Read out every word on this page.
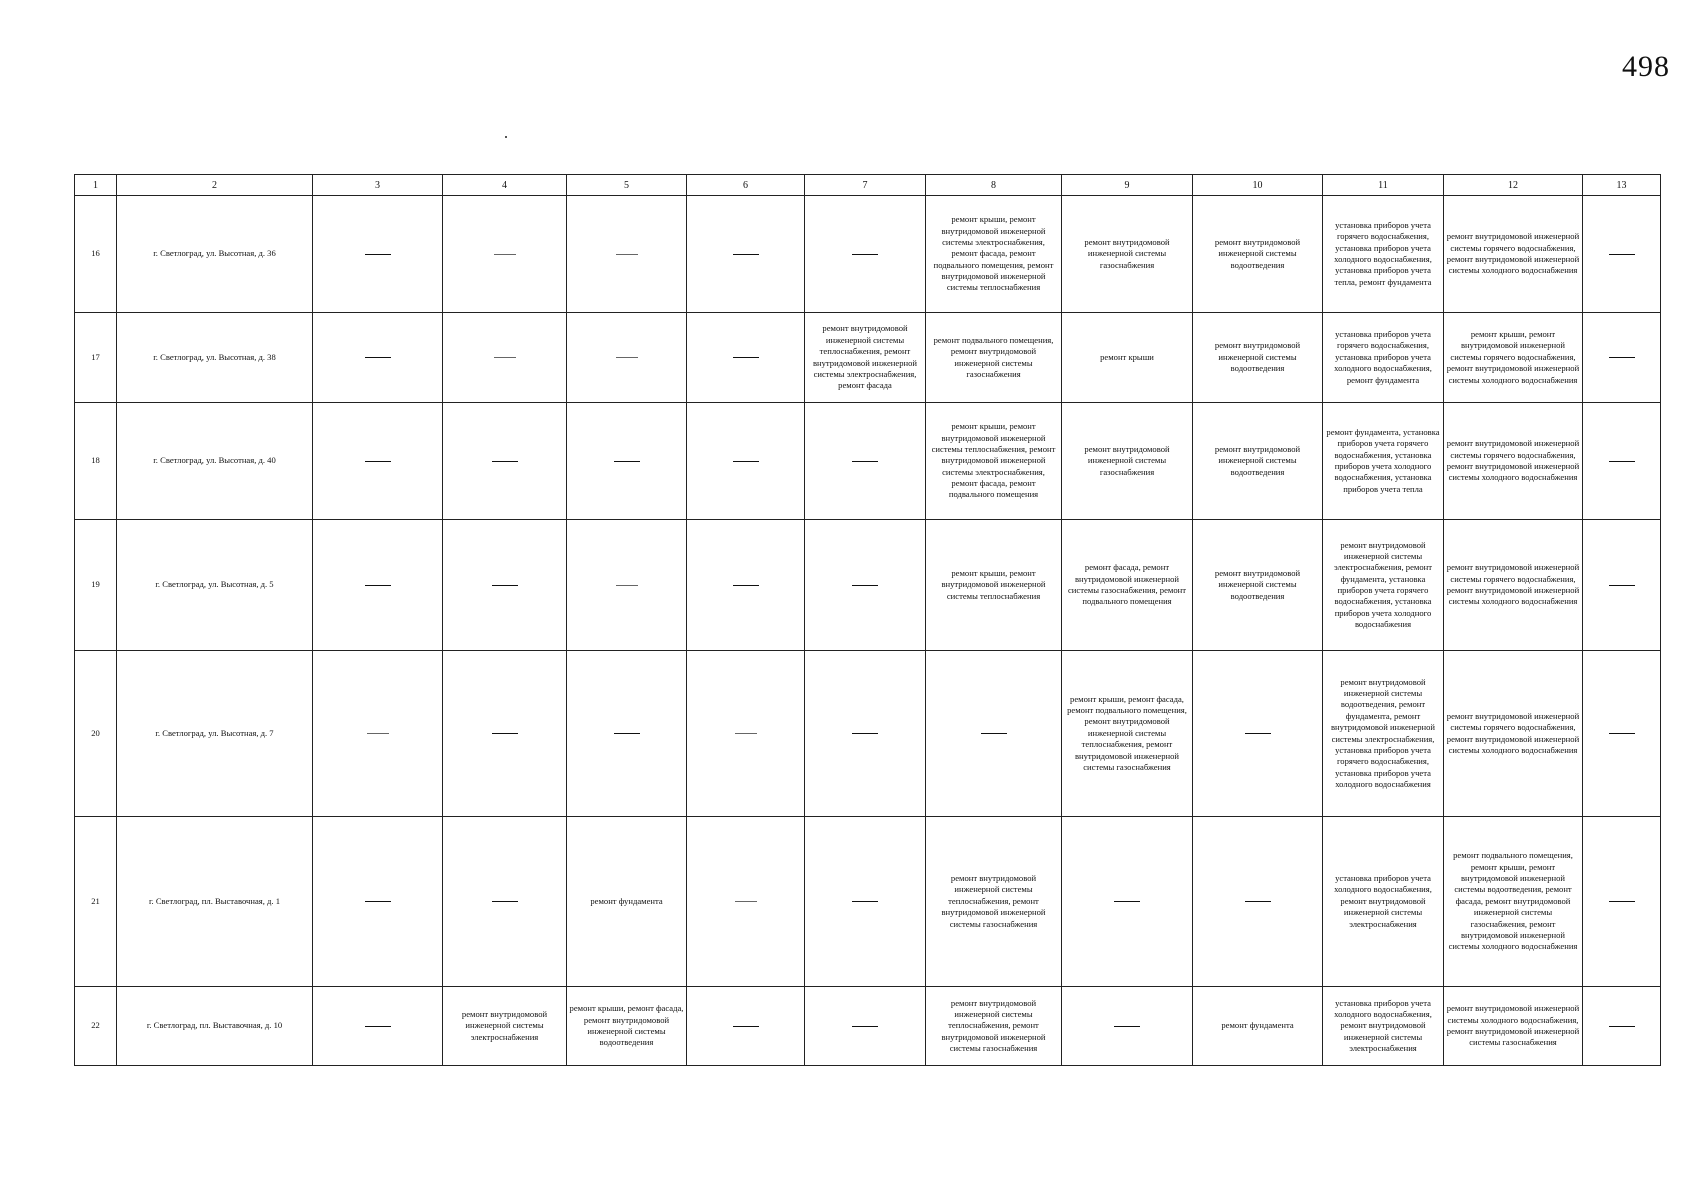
498
1	2	3	4	5	6	7	8	9	10	11	12	13
16	г. Светлоград, ул. Высотная, д. 36						ремонт крыши, ремонт внутридомовой инженерной системы электроснабжения, ремонт фасада, ремонт подвального помещения, ремонт внутридомовой инженерной системы теплоснабжения	ремонт внутридомовой инженерной системы газоснабжения	ремонт внутридомовой инженерной системы водоотведения	установка приборов учета горячего водоснабжения, установка приборов учета холодного водоснабжения, установка приборов учета тепла, ремонт фундамента	ремонт внутридомовой инженерной системы горячего водоснабжения, ремонт внутридомовой инженерной системы холодного водоснабжения	
17	г. Светлоград, ул. Высотная, д. 38					ремонт внутридомовой инженерной системы теплоснабжения, ремонт внутридомовой инженерной системы электроснабжения, ремонт фасада	ремонт подвального помещения, ремонт внутридомовой инженерной системы газоснабжения	ремонт крыши	ремонт внутридомовой инженерной системы водоотведения	установка приборов учета горячего водоснабжения, установка приборов учета холодного водоснабжения, ремонт фундамента	ремонт крыши, ремонт внутридомовой инженерной системы горячего водоснабжения, ремонт внутридомовой инженерной системы холодного водоснабжения	
18	г. Светлоград, ул. Высотная, д. 40						ремонт крыши, ремонт внутридомовой инженерной системы теплоснабжения, ремонт внутридомовой инженерной системы электроснабжения, ремонт фасада, ремонт подвального помещения	ремонт внутридомовой инженерной системы газоснабжения	ремонт внутридомовой инженерной системы водоотведения	ремонт фундамента, установка приборов учета горячего водоснабжения, установка приборов учета холодного водоснабжения, установка приборов учета тепла	ремонт внутридомовой инженерной системы горячего водоснабжения, ремонт внутридомовой инженерной системы холодного водоснабжения	
19	г. Светлоград, ул. Высотная, д. 5						ремонт крыши, ремонт внутридомовой инженерной системы теплоснабжения	ремонт фасада, ремонт внутридомовой инженерной системы газоснабжения, ремонт подвального помещения	ремонт внутридомовой инженерной системы водоотведения	ремонт внутридомовой инженерной системы электроснабжения, ремонт фундамента, установка приборов учета горячего водоснабжения, установка приборов учета холодного водоснабжения	ремонт внутридомовой инженерной системы горячего водоснабжения, ремонт внутридомовой инженерной системы холодного водоснабжения	
20	г. Светлоград, ул. Высотная, д. 7							ремонт крыши, ремонт фасада, ремонт подвального помещения, ремонт внутридомовой инженерной системы теплоснабжения, ремонт внутридомовой инженерной системы газоснабжения		ремонт внутридомовой инженерной системы водоотведения, ремонт фундамента, ремонт внутридомовой инженерной системы электроснабжения, установка приборов учета горячего водоснабжения, установка приборов учета холодного водоснабжения	ремонт внутридомовой инженерной системы горячего водоснабжения, ремонт внутридомовой инженерной системы холодного водоснабжения	
21	г. Светлоград, пл. Выставочная, д. 1			ремонт фундамента			ремонт внутридомовой инженерной системы теплоснабжения, ремонт внутридомовой инженерной системы газоснабжения			установка приборов учета холодного водоснабжения, ремонт внутридомовой инженерной системы электроснабжения	ремонт подвального помещения, ремонт крыши, ремонт внутридомовой инженерной системы водоотведения, ремонт фасада, ремонт внутридомовой инженерной системы газоснабжения, ремонт внутридомовой инженерной системы холодного водоснабжения	
22	г. Светлоград, пл. Выставочная, д. 10		ремонт внутридомовой инженерной системы электроснабжения	ремонт крыши, ремонт фасада, ремонт внутридомовой инженерной системы водоотведения			ремонт внутридомовой инженерной системы теплоснабжения, ремонт внутридомовой инженерной системы газоснабжения		ремонт фундамента	установка приборов учета холодного водоснабжения, ремонт внутридомовой инженерной системы электроснабжения	ремонт внутридомовой инженерной системы холодного водоснабжения, ремонт внутридомовой инженерной системы газоснабжения	
